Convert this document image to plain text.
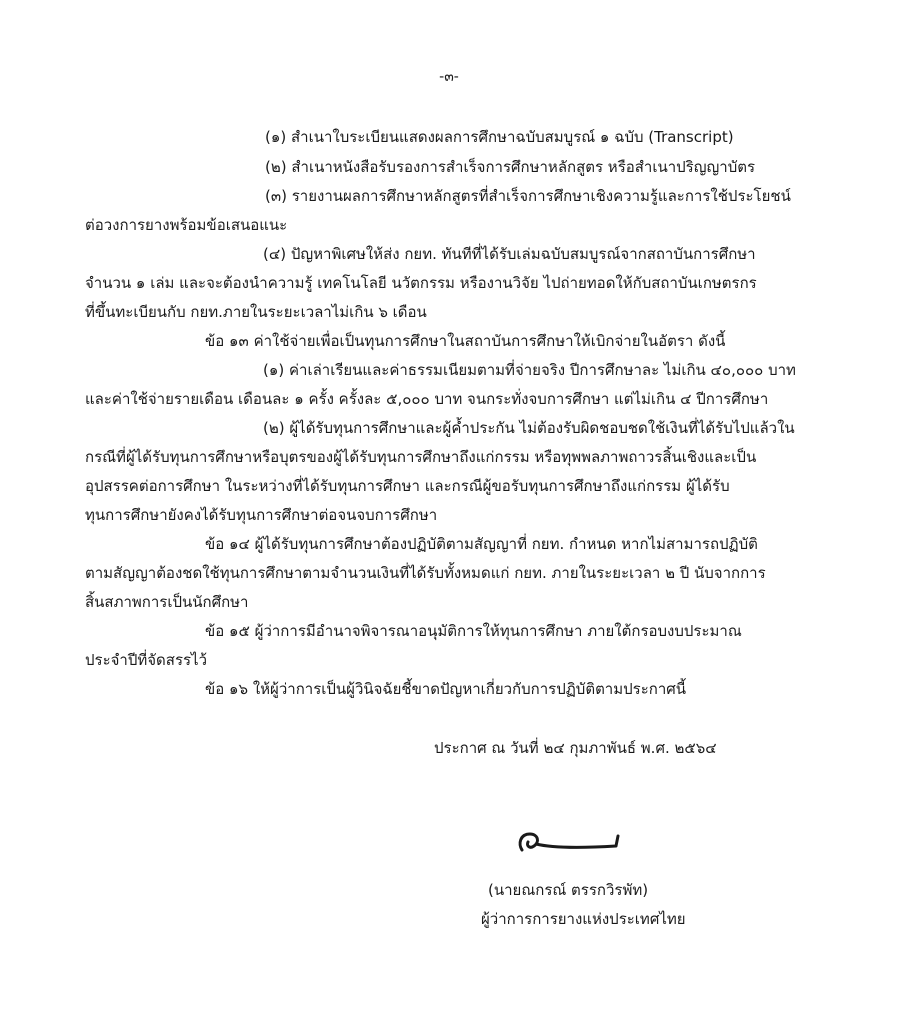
-๓-
(๑) สำเนาใบระเบียนแสดงผลการศึกษาฉบับสมบูรณ์ ๑ ฉบับ (Transcript)
(๒) สำเนาหนังสือรับรองการสำเร็จการศึกษาหลักสูตร หรือสำเนาปริญญาบัตร
(๓) รายงานผลการศึกษาหลักสูตรที่สำเร็จการศึกษาเชิงความรู้และการใช้ประโยชน์
ต่อวงการยางพร้อมข้อเสนอแนะ
(๔) ปัญหาพิเศษให้ส่ง กยท. ทันทีที่ได้รับเล่มฉบับสมบูรณ์จากสถาบันการศึกษา
จำนวน ๑ เล่ม และจะต้องนำความรู้ เทคโนโลยี นวัตกรรม หรืองานวิจัย ไปถ่ายทอดให้กับสถาบันเกษตรกร
ที่ขึ้นทะเบียนกับ กยท.ภายในระยะเวลาไม่เกิน ๖ เดือน
ข้อ ๑๓ ค่าใช้จ่ายเพื่อเป็นทุนการศึกษาในสถาบันการศึกษาให้เบิกจ่ายในอัตรา ดังนี้
(๑) ค่าเล่าเรียนและค่าธรรมเนียมตามที่จ่ายจริง ปีการศึกษาละ ไม่เกิน ๔๐,๐๐๐ บาท
และค่าใช้จ่ายรายเดือน เดือนละ ๑ ครั้ง ครั้งละ ๕,๐๐๐ บาท จนกระทั่งจบการศึกษา แต่ไม่เกิน ๔ ปีการศึกษา
(๒) ผู้ได้รับทุนการศึกษาและผู้ค้ำประกัน ไม่ต้องรับผิดชอบชดใช้เงินที่ได้รับไปแล้วใน
กรณีที่ผู้ได้รับทุนการศึกษาหรือบุตรของผู้ได้รับทุนการศึกษาถึงแก่กรรม หรือทุพพลภาพถาวรสิ้นเชิงและเป็น
อุปสรรคต่อการศึกษา ในระหว่างที่ได้รับทุนการศึกษา และกรณีผู้ขอรับทุนการศึกษาถึงแก่กรรม ผู้ได้รับ
ทุนการศึกษายังคงได้รับทุนการศึกษาต่อจนจบการศึกษา
ข้อ ๑๔ ผู้ได้รับทุนการศึกษาต้องปฏิบัติตามสัญญาที่ กยท. กำหนด หากไม่สามารถปฏิบัติ
ตามสัญญาต้องชดใช้ทุนการศึกษาตามจำนวนเงินที่ได้รับทั้งหมดแก่ กยท. ภายในระยะเวลา ๒ ปี นับจากการ
สิ้นสภาพการเป็นนักศึกษา
ข้อ ๑๕ ผู้ว่าการมีอำนาจพิจารณาอนุมัติการให้ทุนการศึกษา ภายใต้กรอบงบประมาณ
ประจำปีที่จัดสรรไว้
ข้อ ๑๖ ให้ผู้ว่าการเป็นผู้วินิจฉัยชี้ขาดปัญหาเกี่ยวกับการปฏิบัติตามประกาศนี้
ประกาศ ณ วันที่ ๒๔ กุมภาพันธ์ พ.ศ. ๒๕๖๔
(นายณกรณ์ ตรรกวิรพัท)
ผู้ว่าการการยางแห่งประเทศไทย
